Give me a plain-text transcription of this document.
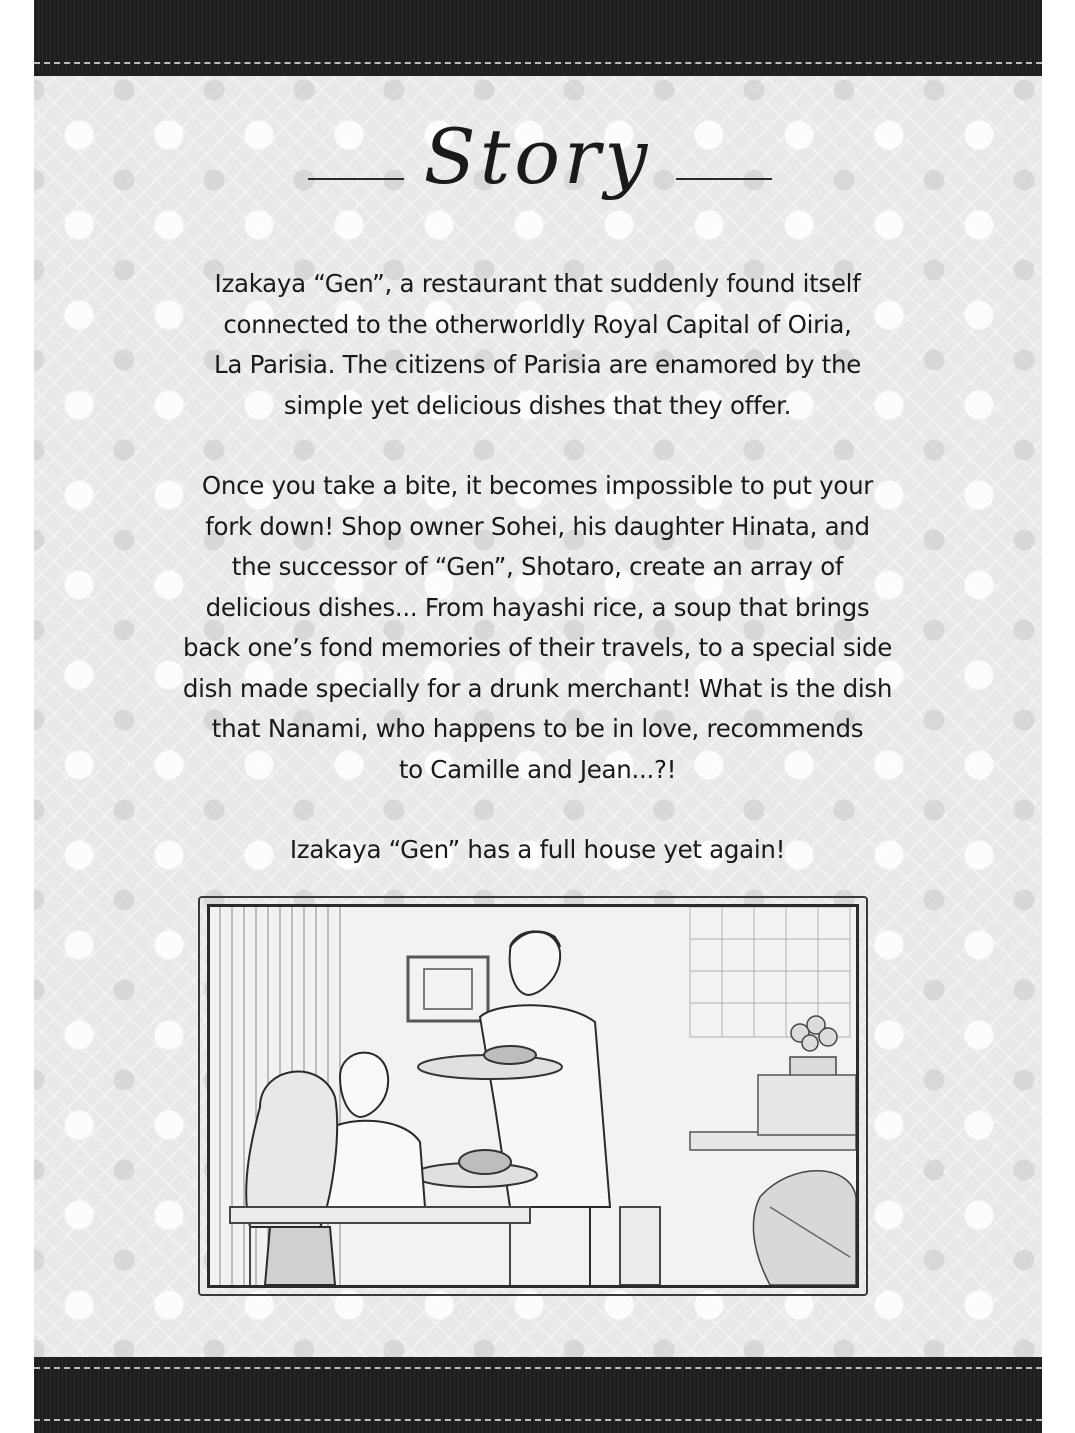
Story

Izakaya “Gen”, a restaurant that suddenly found itself
connected to the otherworldly Royal Capital of Oiria,
La Parisia. The citizens of Parisia are enamored by the
simple yet delicious dishes that they offer.

Once you take a bite, it becomes impossible to put your
fork down! Shop owner Sohei, his daughter Hinata, and
the successor of “Gen”, Shotaro, create an array of
delicious dishes... From hayashi rice, a soup that brings
back one’s fond memories of their travels, to a special side
dish made specially for a drunk merchant! What is the dish
that Nanami, who happens to be in love, recommends
to Camille and Jean...?!

Izakaya “Gen” has a full house yet again!
